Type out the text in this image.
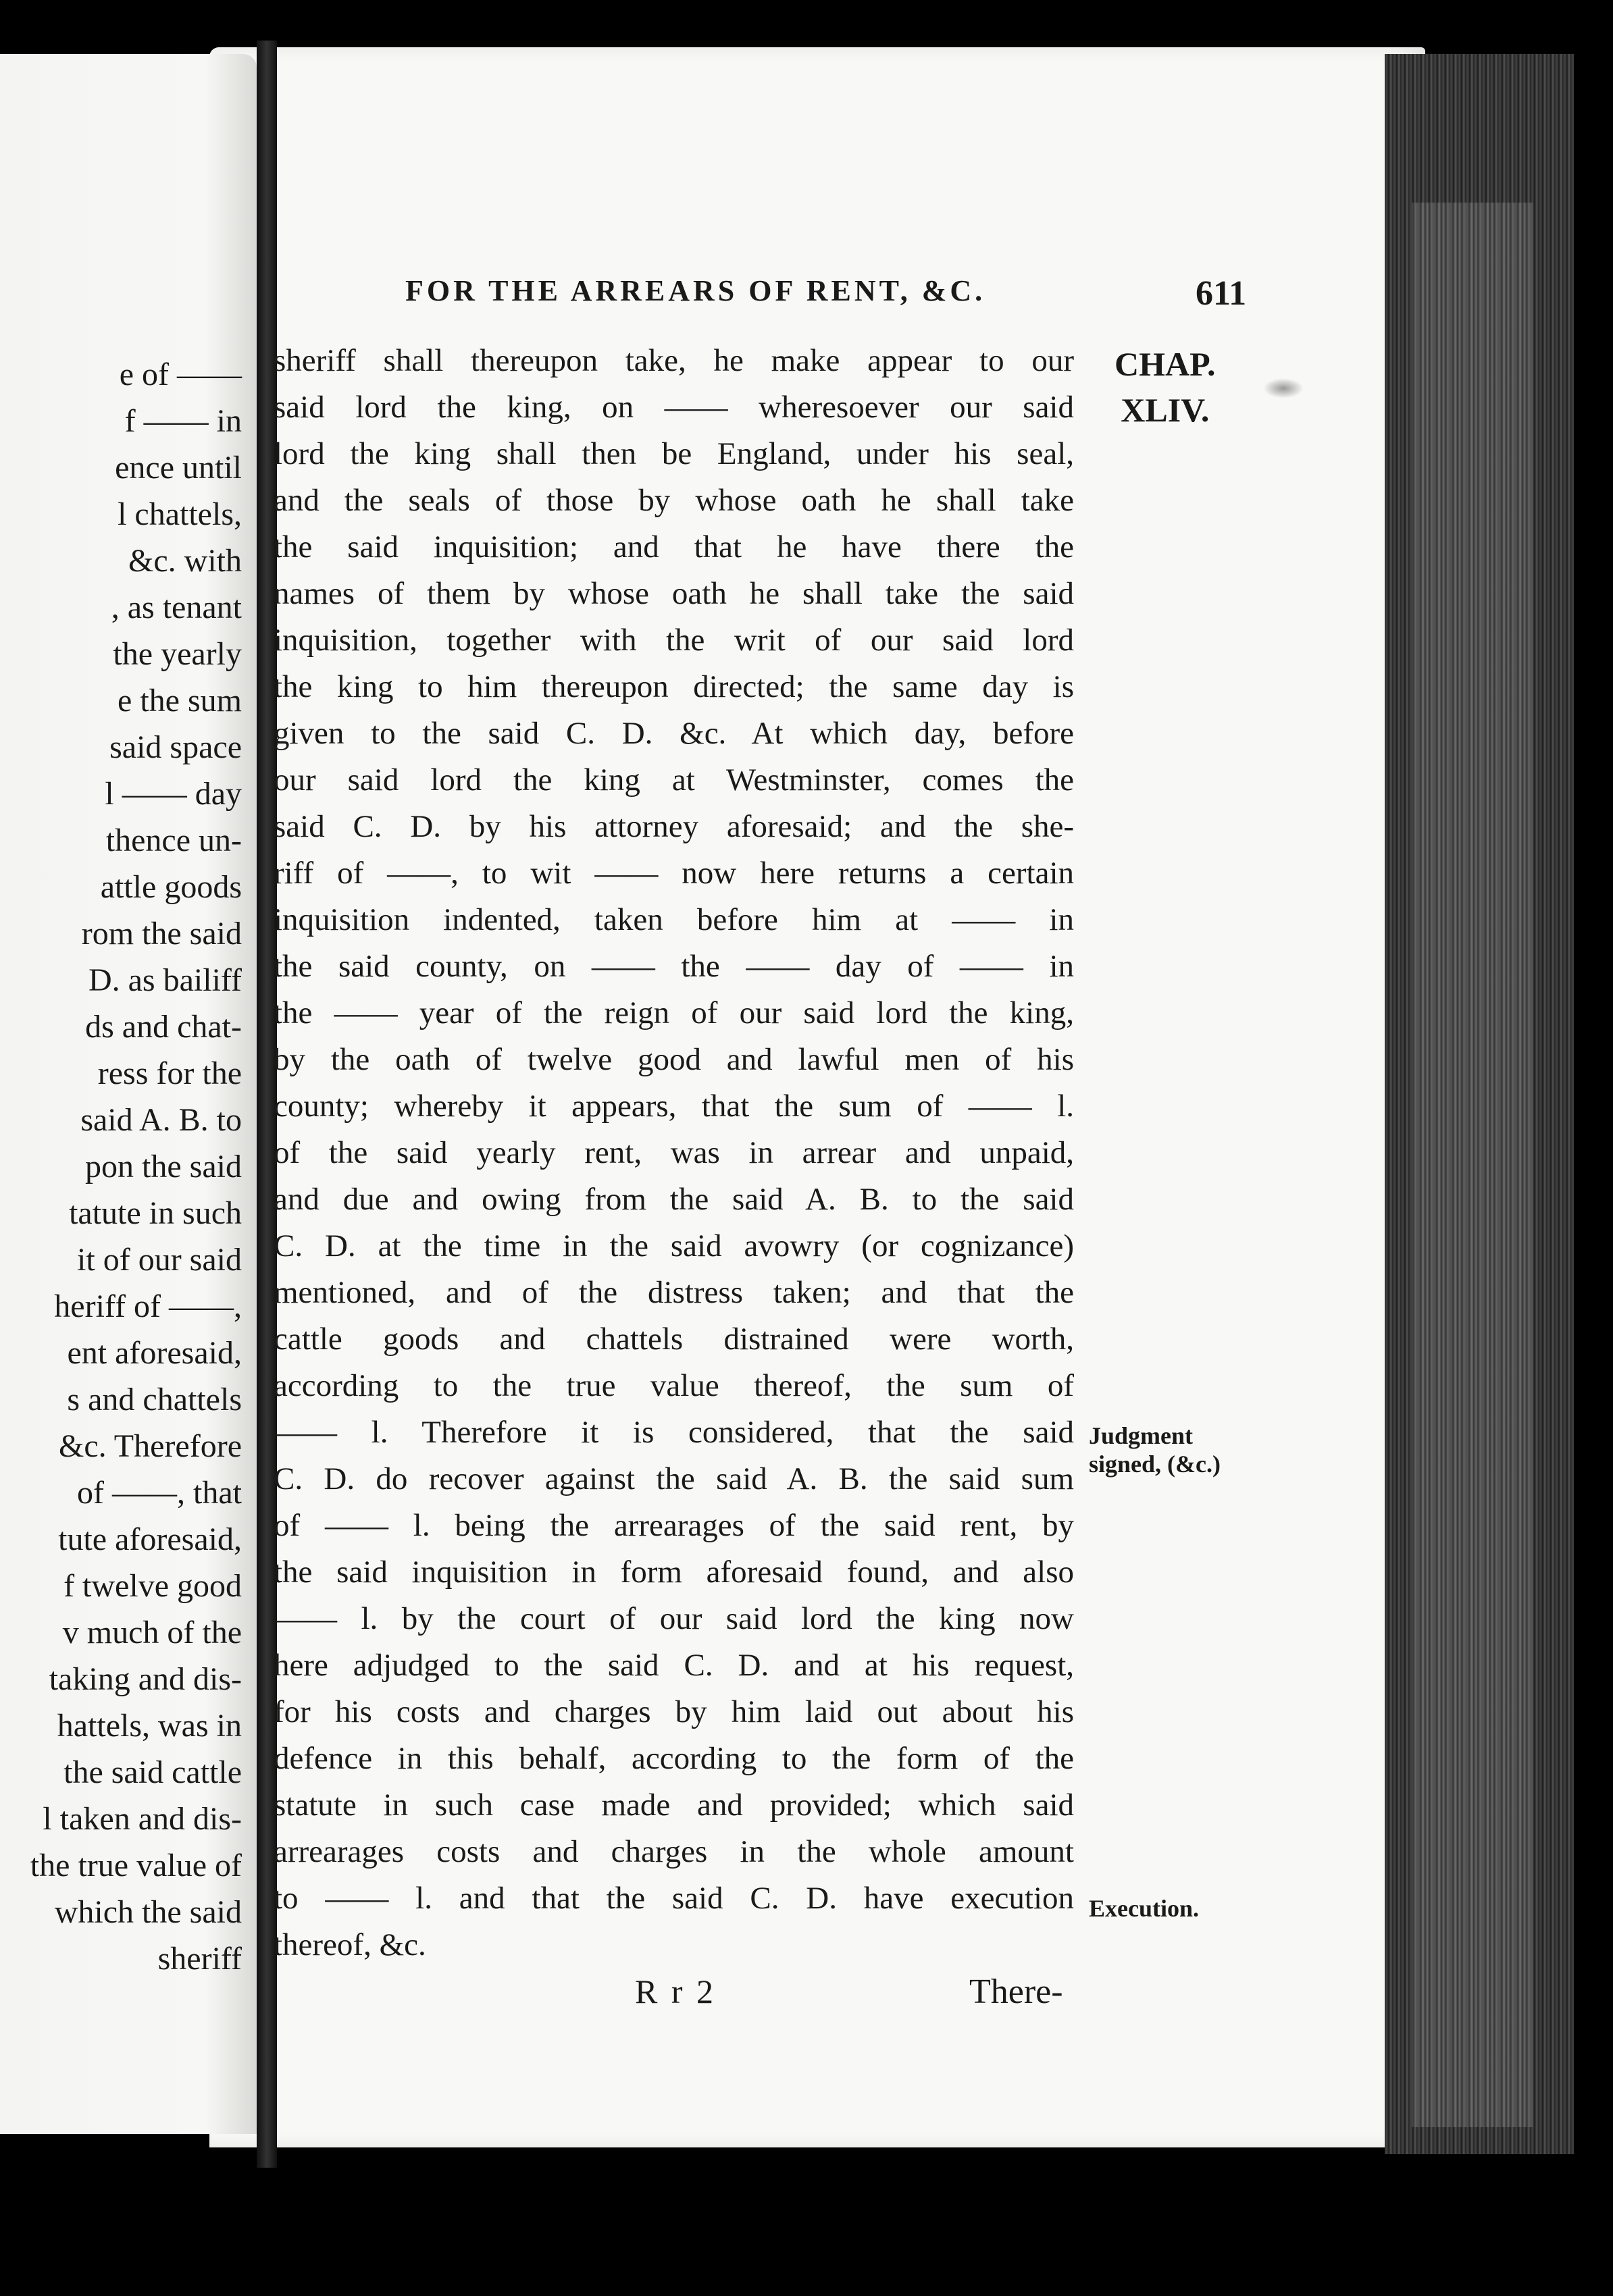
e of ——
f —— in
ence until
l chattels,
&c. with
, as tenant
the yearly
e the sum
said space
l —— day
thence un-
attle goods
rom the said
D. as bailiff
ds and chat-
ress for the
said A. B. to
pon the said
tatute in such
it of our said
heriff of ——,
ent aforesaid,
s and chattels
&c. Therefore
of ——, that
tute aforesaid,
f twelve good
v much of the
taking and dis-
hattels, was in
the said cattle
l taken and dis-
the true value of
which the said
sheriff
FOR THE ARREARS OF RENT, &C.	611
CHAP.
XLIV.
sheriff shall thereupon take, he make appear to our
said lord the king, on —— wheresoever our said
lord the king shall then be England, under his seal,
and the seals of those by whose oath he shall take
the said inquisition; and that he have there the
names of them by whose oath he shall take the said
inquisition, together with the writ of our said lord
the king to him thereupon directed; the same day is
given to the said C. D. &c. At which day, before
our said lord the king at Westminster, comes the
said C. D. by his attorney aforesaid; and the she-
riff of ——, to wit —— now here returns a certain
inquisition indented, taken before him at —— in
the said county, on —— the —— day of —— in
the —— year of the reign of our said lord the king,
by the oath of twelve good and lawful men of his
county; whereby it appears, that the sum of —— l.
of the said yearly rent, was in arrear and unpaid,
and due and owing from the said A. B. to the said
C. D. at the time in the said avowry (or cognizance)
mentioned, and of the distress taken; and that the
cattle goods and chattels distrained were worth,
according to the true value thereof, the sum of
—— l. Therefore it is considered, that the said
C. D. do recover against the said A. B. the said sum
of —— l. being the arrearages of the said rent, by
the said inquisition in form aforesaid found, and also
—— l. by the court of our said lord the king now
here adjudged to the said C. D. and at his request,
for his costs and charges by him laid out about his
defence in this behalf, according to the form of the
statute in such case made and provided; which said
arrearages costs and charges in the whole amount
to —— l. and that the said C. D. have execution
thereof, &c.
Judgment
signed, (&c.)
Execution.
R r 2	There-
